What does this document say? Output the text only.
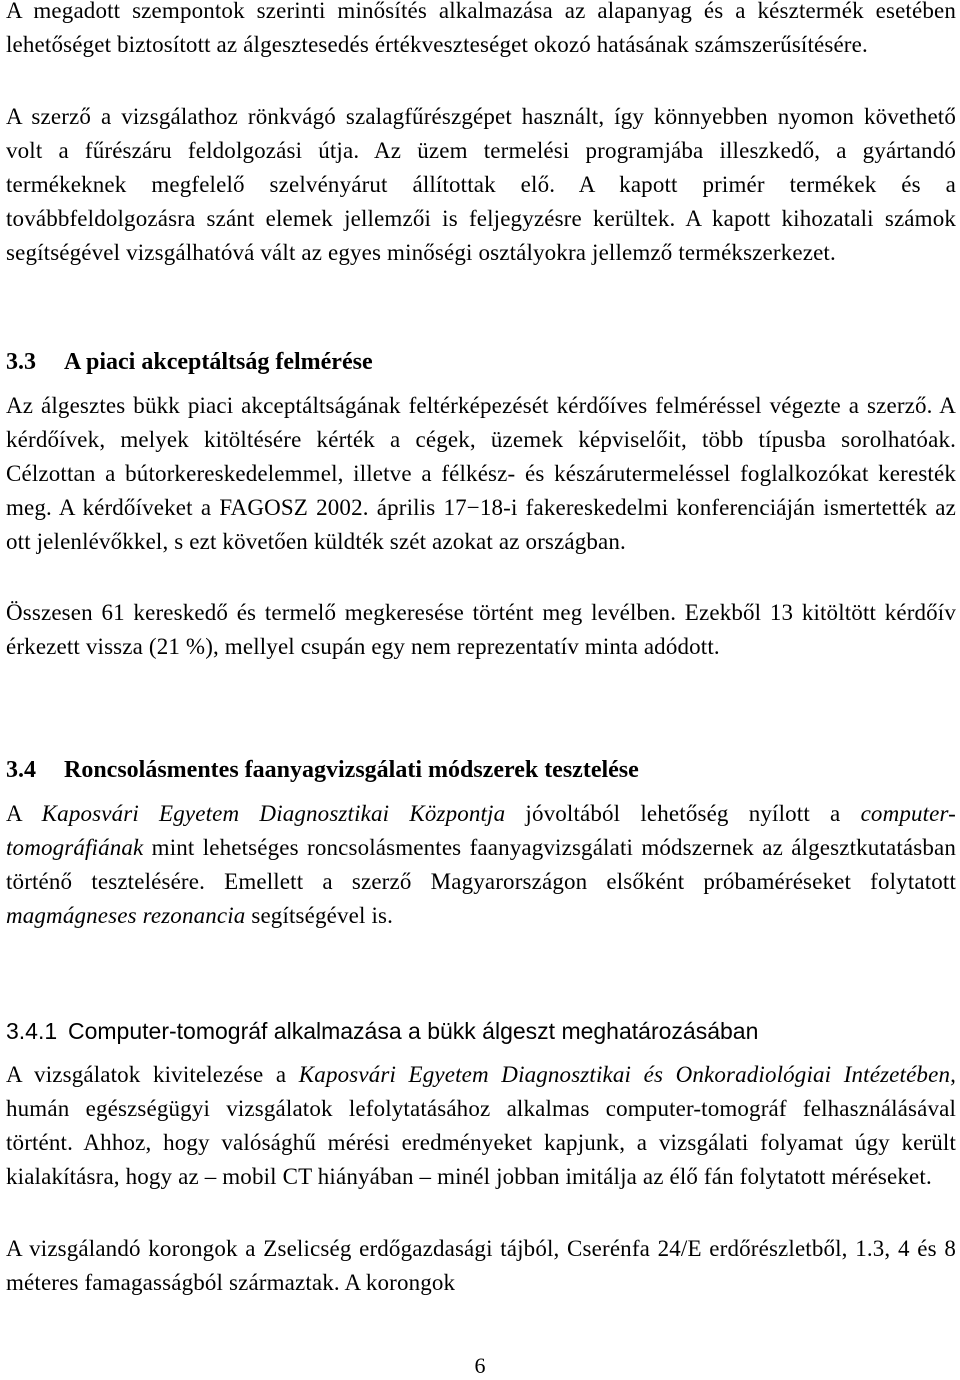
A megadott szempontok szerinti minősítés alkalmazása az alapanyag és a késztermék esetében lehetőséget biztosított az álgesztesedés értékveszteséget okozó hatásának számszerűsítésére.

A szerző a vizsgálathoz rönkvágó szalagfűrészgépet használt, így könnyebben nyomon követhető volt a fűrészáru feldolgozási útja. Az üzem termelési programjába illeszkedő, a gyártandó termékeknek megfelelő szelvényárut állítottak elő. A kapott primér termékek és a továbbfeldolgozásra szánt elemek jellemzői is feljegyzésre kerültek. A kapott kihozatali számok segítségével vizsgálhatóvá vált az egyes minőségi osztályokra jellemző termékszerkezet.

3.3 A piaci akceptáltság felmérése

Az álgesztes bükk piaci akceptáltságának feltérképezését kérdőíves felméréssel végezte a szerző. A kérdőívek, melyek kitöltésére kérték a cégek, üzemek képviselőit, több típusba sorolhatóak. Célzottan a bútorkereskedelemmel, illetve a félkész- és készárutermeléssel foglalkozókat keresték meg. A kérdőíveket a FAGOSZ 2002. április 17−18-i fakereskedelmi konferenciáján ismertették az ott jelenlévőkkel, s ezt követően küldték szét azokat az országban.

Összesen 61 kereskedő és termelő megkeresése történt meg levélben. Ezekből 13 kitöltött kérdőív érkezett vissza (21 %), mellyel csupán egy nem reprezentatív minta adódott.

3.4 Roncsolásmentes faanyagvizsgálati módszerek tesztelése

A Kaposvári Egyetem Diagnosztikai Központja jóvoltából lehetőség nyílott a computer-tomográfiának mint lehetséges roncsolásmentes faanyagvizsgálati módszernek az álgesztkutatásban történő tesztelésére. Emellett a szerző Magyarországon elsőként próbaméréseket folytatott magmágneses rezonancia segítségével is.

3.4.1 Computer-tomográf alkalmazása a bükk álgeszt meghatározásában

A vizsgálatok kivitelezése a Kaposvári Egyetem Diagnosztikai és Onkoradiológiai Intézetében, humán egészségügyi vizsgálatok lefolytatásához alkalmas computer-tomográf felhasználásával történt. Ahhoz, hogy valósághű mérési eredményeket kapjunk, a vizsgálati folyamat úgy került kialakításra, hogy az – mobil CT hiányában – minél jobban imitálja az élő fán folytatott méréseket.

A vizsgálandó korongok a Zselicség erdőgazdasági tájból, Cserénfa 24/E erdőrészletből, 1.3, 4 és 8 méteres famagasságból származtak. A korongok

6
